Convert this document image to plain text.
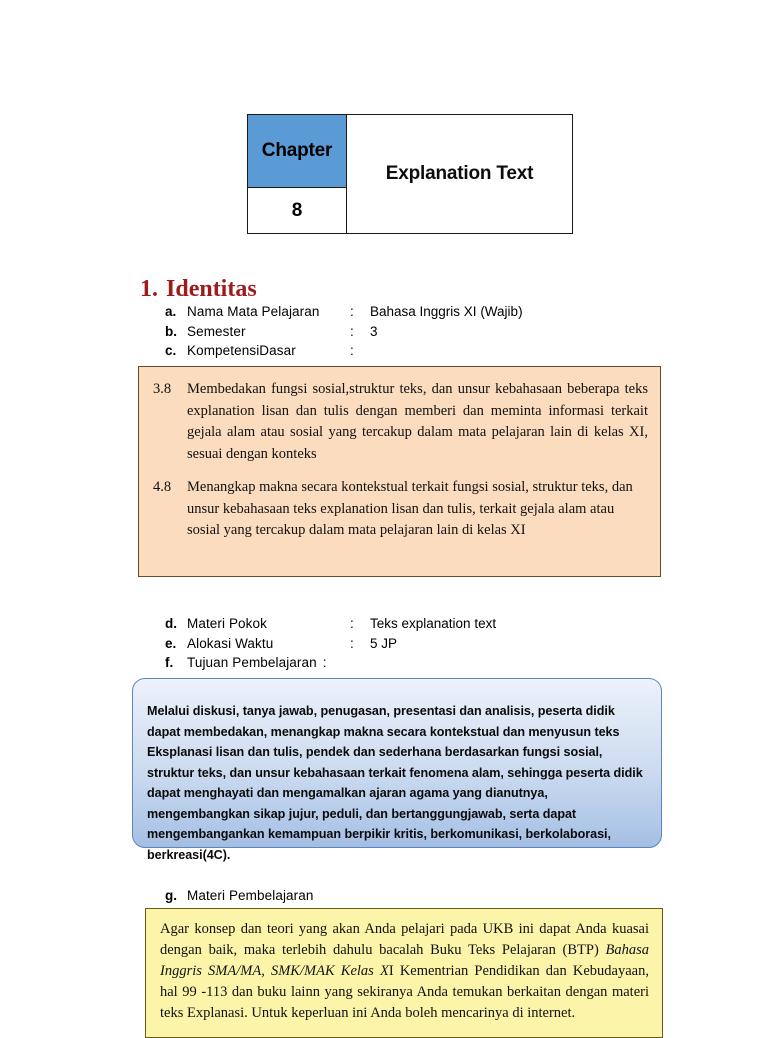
Chapter	Explanation Text
8
1. Identitas
a. Nama Mata Pelajaran	:	Bahasa Inggris XI (Wajib)
b. Semester	:	3
c. KompetensiDasar	:
3.8	Membedakan fungsi sosial,struktur teks, dan unsur kebahasaan beberapa teks explanation lisan dan tulis dengan memberi dan meminta informasi terkait gejala alam atau sosial yang tercakup dalam mata pelajaran lain di kelas XI, sesuai dengan konteks
4.8	Menangkap makna secara kontekstual terkait fungsi sosial, struktur teks, dan unsur kebahasaan teks explanation lisan dan tulis, terkait gejala alam atau sosial yang tercakup dalam mata pelajaran lain di kelas XI
d. Materi Pokok	:	Teks explanation text
e. Alokasi Waktu	:	5 JP
f.	Tujuan Pembelajaran :
Melalui diskusi, tanya jawab, penugasan, presentasi dan analisis, peserta didik dapat membedakan, menangkap makna secara kontekstual dan menyusun teks Eksplanasi lisan dan tulis, pendek dan sederhana berdasarkan fungsi sosial, struktur teks, dan unsur kebahasaan terkait fenomena alam, sehingga peserta didik dapat menghayati dan mengamalkan ajaran agama yang dianutnya, mengembangkan sikap jujur, peduli, dan bertanggungjawab, serta dapat mengembangankan kemampuan berpikir kritis, berkomunikasi, berkolaborasi, berkreasi(4C).
g. Materi Pembelajaran
Agar konsep dan teori yang akan Anda pelajari pada UKB ini dapat Anda kuasai dengan baik, maka terlebih dahulu bacalah Buku Teks Pelajaran (BTP) Bahasa Inggris SMA/MA, SMK/MAK Kelas XI Kementrian Pendidikan dan Kebudayaan, hal 99 -113 dan buku lainn yang sekiranya Anda temukan berkaitan dengan materi teks Explanasi. Untuk keperluan ini Anda boleh mencarinya di internet.
